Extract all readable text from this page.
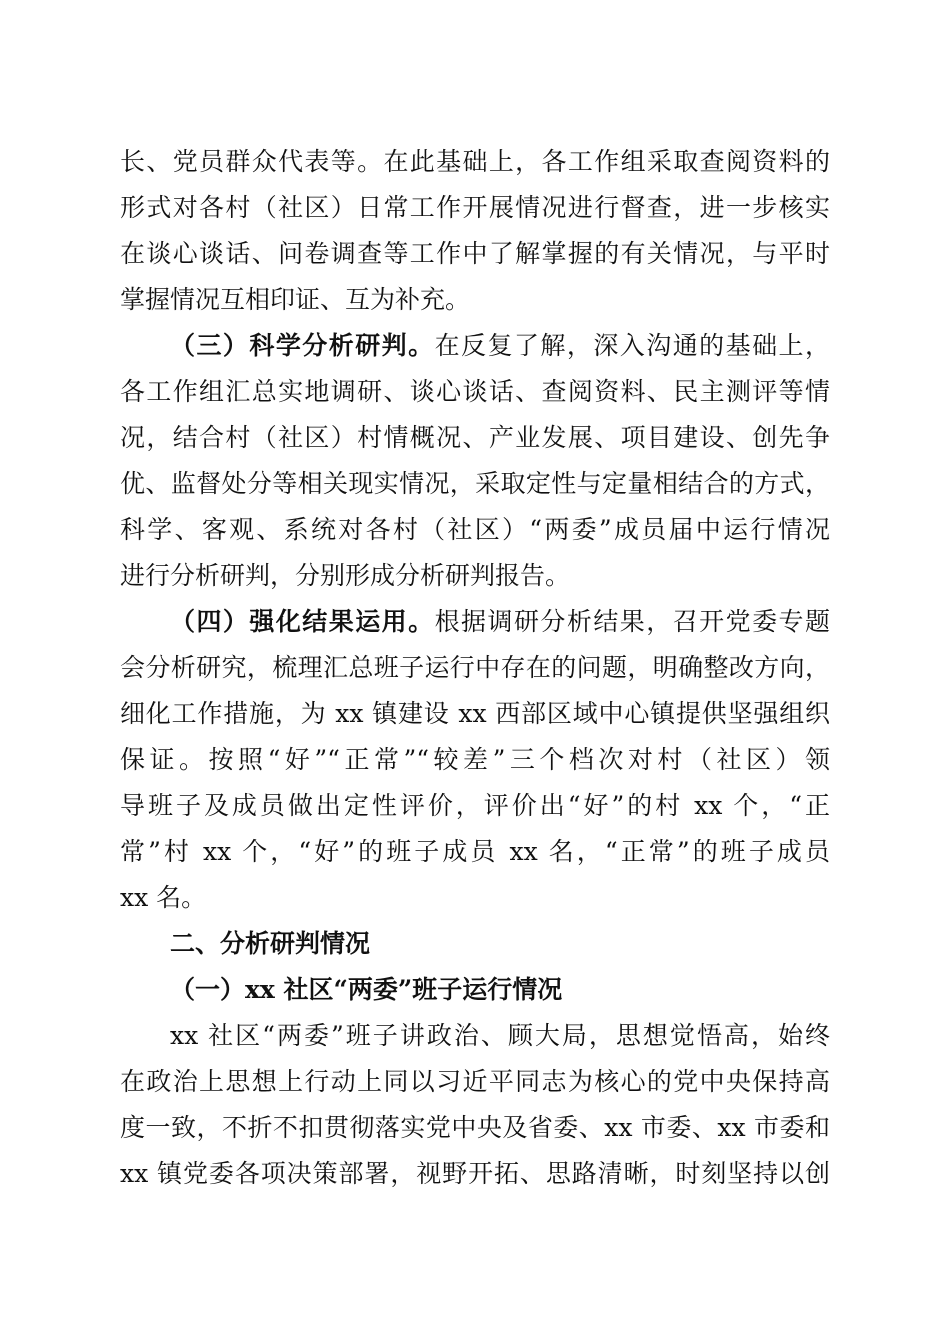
长、党员群众代表等。在此基础上，各工作组采取查阅资料的
形式对各村（社区）日常工作开展情况进行督查，进一步核实
在谈心谈话、问卷调查等工作中了解掌握的有关情况，与平时
掌握情况互相印证、互为补充。
（三）科学分析研判。在反复了解，深入沟通的基础上，
各工作组汇总实地调研、谈心谈话、查阅资料、民主测评等情
况，结合村（社区）村情概况、产业发展、项目建设、创先争
优、监督处分等相关现实情况，采取定性与定量相结合的方式，
科学、客观、系统对各村（社区）“两委”成员届中运行情况
进行分析研判，分别形成分析研判报告。
（四）强化结果运用。根据调研分析结果，召开党委专题
会分析研究，梳理汇总班子运行中存在的问题，明确整改方向，
细化工作措施，为 xx 镇建设 xx 西部区域中心镇提供坚强组织
保证。按照“好”“正常”“较差”三个档次对村（社区）领
导班子及成员做出定性评价，评价出“好”的村 xx 个，“正
常”村 xx 个，“好”的班子成员 xx 名，“正常”的班子成员
xx 名。
二、分析研判情况
（一）xx 社区“两委”班子运行情况
xx 社区“两委”班子讲政治、顾大局，思想觉悟高，始终
在政治上思想上行动上同以习近平同志为核心的党中央保持高
度一致，不折不扣贯彻落实党中央及省委、xx 市委、xx 市委和
xx 镇党委各项决策部署，视野开拓、思路清晰，时刻坚持以创
